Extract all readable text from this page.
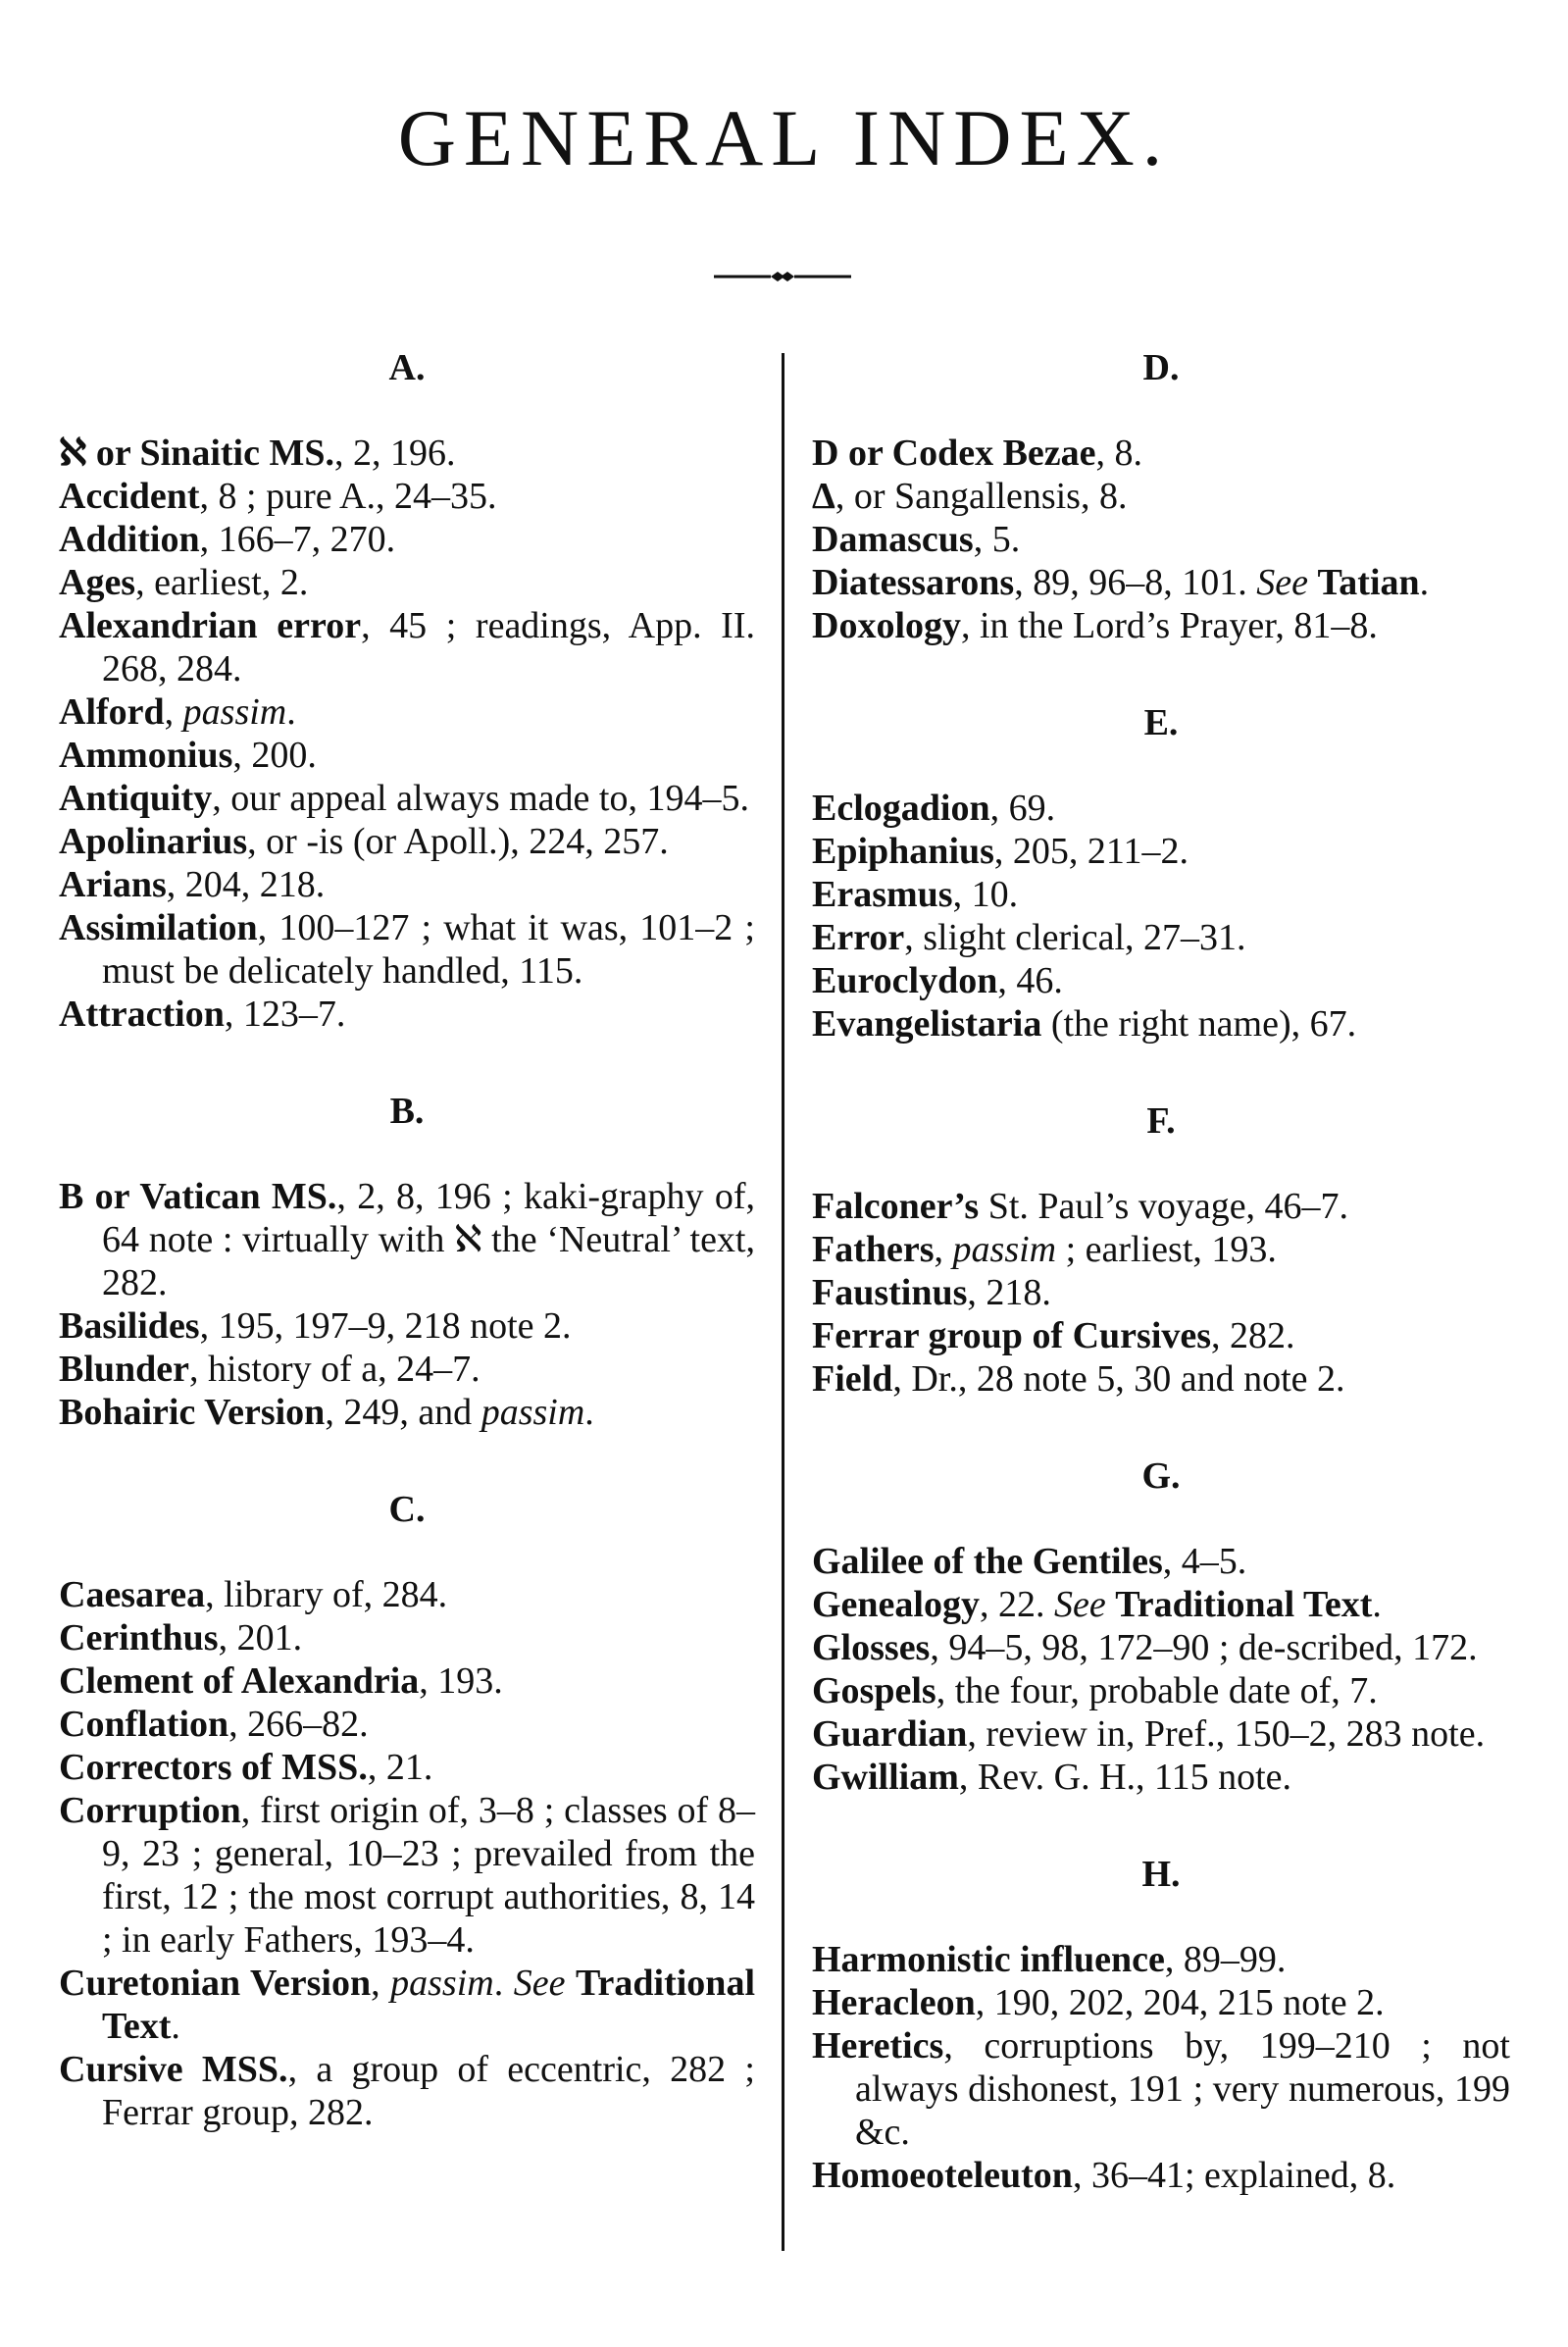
GENERAL INDEX.
A.
ℵ or Sinaitic MS., 2, 196.
Accident, 8 ; pure A., 24–35.
Addition, 166–7, 270.
Ages, earliest, 2.
Alexandrian error, 45 ; readings, App. II. 268, 284.
Alford, passim.
Ammonius, 200.
Antiquity, our appeal always made to, 194–5.
Apolinarius, or -is (or Apoll.), 224, 257.
Arians, 204, 218.
Assimilation, 100–127 ; what it was, 101–2 ; must be delicately handled, 115.
Attraction, 123–7.
B.
B or Vatican MS., 2, 8, 196 ; kaki-graphy of, 64 note : virtually with ℵ the ‘Neutral’ text, 282.
Basilides, 195, 197–9, 218 note 2.
Blunder, history of a, 24–7.
Bohairic Version, 249, and passim.
C.
Caesarea, library of, 284.
Cerinthus, 201.
Clement of Alexandria, 193.
Conflation, 266–82.
Correctors of MSS., 21.
Corruption, first origin of, 3–8 ; classes of 8–9, 23 ; general, 10–23 ; prevailed from the first, 12 ; the most corrupt authorities, 8, 14 ; in early Fathers, 193–4.
Curetonian Version, passim. See Traditional Text.
Cursive MSS., a group of eccentric, 282 ; Ferrar group, 282.
D.
D or Codex Bezae, 8.
Δ, or Sangallensis, 8.
Damascus, 5.
Diatessarons, 89, 96–8, 101. See Tatian.
Doxology, in the Lord’s Prayer, 81–8.
E.
Eclogadion, 69.
Epiphanius, 205, 211–2.
Erasmus, 10.
Error, slight clerical, 27–31.
Euroclydon, 46.
Evangelistaria (the right name), 67.
F.
Falconer’s St. Paul’s voyage, 46–7.
Fathers, passim ; earliest, 193.
Faustinus, 218.
Ferrar group of Cursives, 282.
Field, Dr., 28 note 5, 30 and note 2.
G.
Galilee of the Gentiles, 4–5.
Genealogy, 22. See Traditional Text.
Glosses, 94–5, 98, 172–90 ; de-scribed, 172.
Gospels, the four, probable date of, 7.
Guardian, review in, Pref., 150–2, 283 note.
Gwilliam, Rev. G. H., 115 note.
H.
Harmonistic influence, 89–99.
Heracleon, 190, 202, 204, 215 note 2.
Heretics, corruptions by, 199–210 ; not always dishonest, 191 ; very numerous, 199 &c.
Homoeoteleuton, 36–41; explained, 8.
